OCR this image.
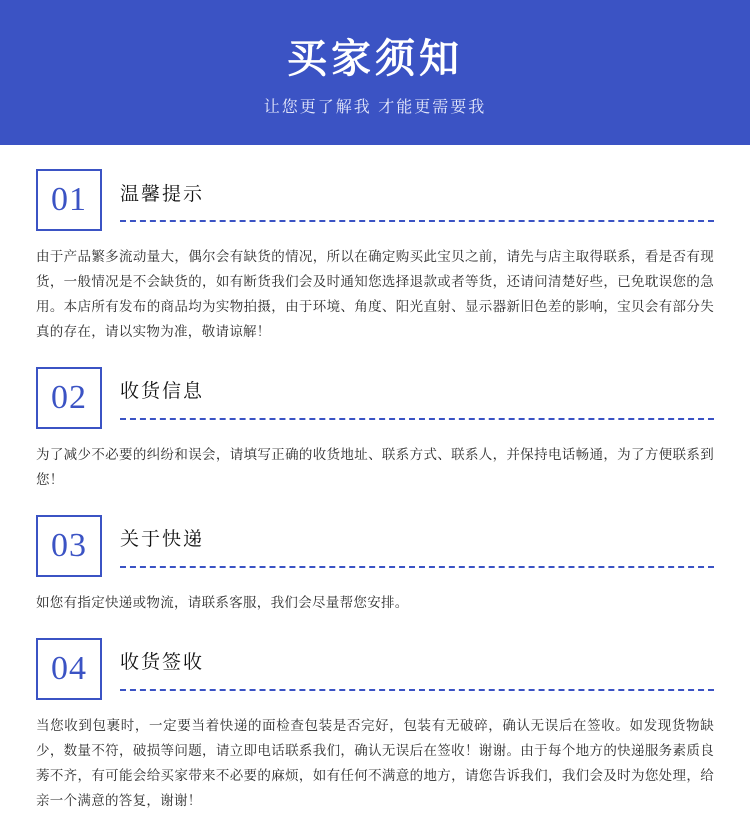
买家须知
让您更了解我 才能更需要我
01 温馨提示
由于产品繁多流动量大，偶尔会有缺货的情况，所以在确定购买此宝贝之前，请先与店主取得联系，看是否有现货，一般情况是不会缺货的，如有断货我们会及时通知您选择退款或者等货，还请问清楚好些，已免耽误您的急用。本店所有发布的商品均为实物拍摄，由于环境、角度、阳光直射、显示器新旧色差的影响，宝贝会有部分失真的存在，请以实物为准，敬请谅解！
02 收货信息
为了减少不必要的纠纷和误会，请填写正确的收货地址、联系方式、联系人，并保持电话畅通，为了方便联系到您！
03 关于快递
如您有指定快递或物流，请联系客服，我们会尽量帮您安排。
04 收货签收
当您收到包裹时，一定要当着快递的面检查包装是否完好，包装有无破碎，确认无误后在签收。如发现货物缺少，数量不符，破损等问题，请立即电话联系我们，确认无误后在签收！谢谢。由于每个地方的快递服务素质良莠不齐，有可能会给买家带来不必要的麻烦，如有任何不满意的地方，请您告诉我们，我们会及时为您处理，给亲一个满意的答复，谢谢！
